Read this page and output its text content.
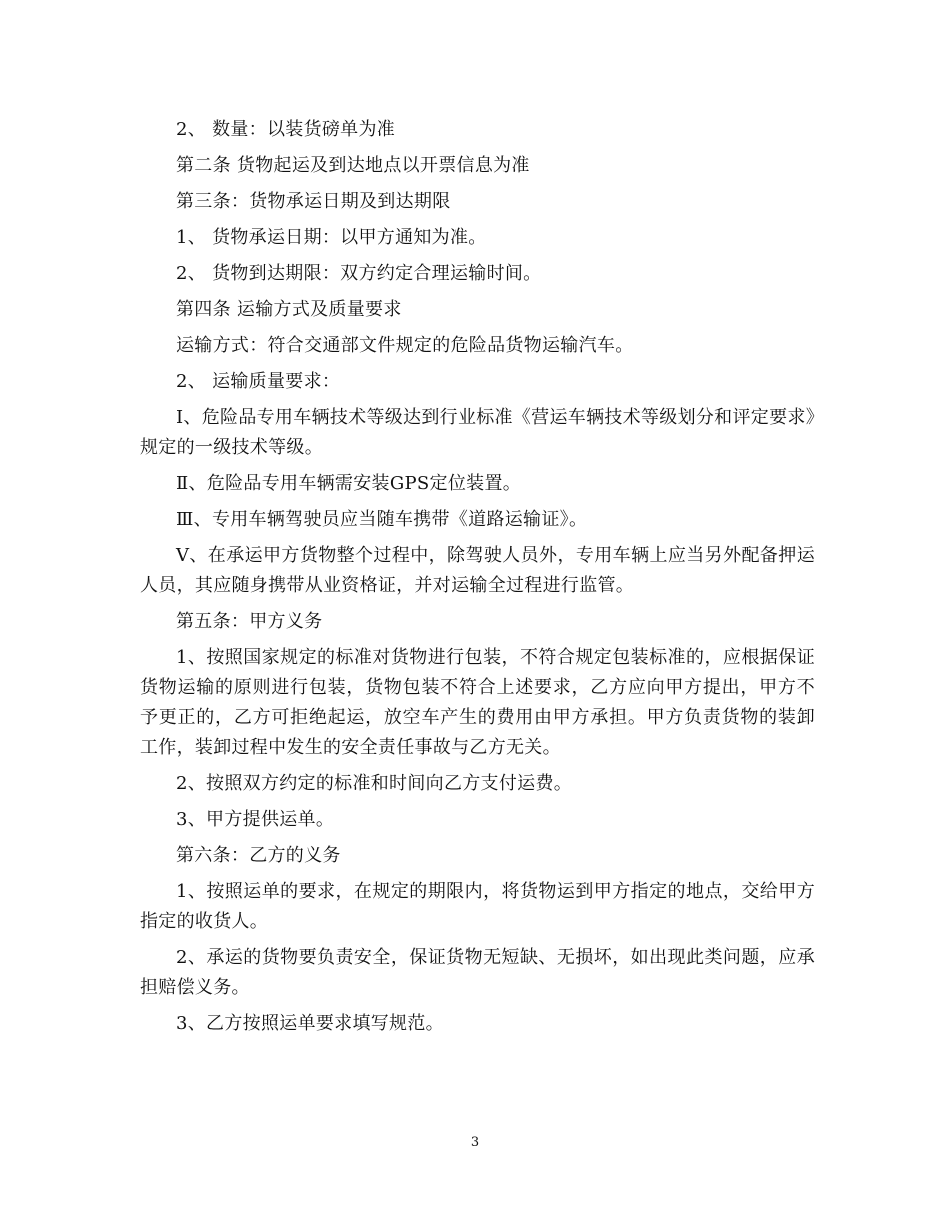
2、 数量：以装货磅单为准

第二条 货物起运及到达地点以开票信息为准

第三条：货物承运日期及到达期限

1、 货物承运日期：以甲方通知为准。

2、 货物到达期限：双方约定合理运输时间。

第四条 运输方式及质量要求

运输方式：符合交通部文件规定的危险品货物运输汽车。

2、 运输质量要求：

Ⅰ、危险品专用车辆技术等级达到行业标准《营运车辆技术等级划分和评定要求》规定的一级技术等级。

Ⅱ、危险品专用车辆需安装GPS定位装置。

Ⅲ、专用车辆驾驶员应当随车携带《道路运输证》。

Ⅴ、在承运甲方货物整个过程中，除驾驶人员外，专用车辆上应当另外配备押运人员，其应随身携带从业资格证，并对运输全过程进行监管。

第五条：甲方义务

1、按照国家规定的标准对货物进行包装，不符合规定包装标准的，应根据保证货物运输的原则进行包装，货物包装不符合上述要求，乙方应向甲方提出，甲方不予更正的，乙方可拒绝起运，放空车产生的费用由甲方承担。甲方负责货物的装卸工作，装卸过程中发生的安全责任事故与乙方无关。

2、按照双方约定的标准和时间向乙方支付运费。

3、甲方提供运单。

第六条：乙方的义务

1、按照运单的要求，在规定的期限内，将货物运到甲方指定的地点，交给甲方指定的收货人。

2、承运的货物要负责安全，保证货物无短缺、无损坏，如出现此类问题，应承担赔偿义务。

3、乙方按照运单要求填写规范。

3
